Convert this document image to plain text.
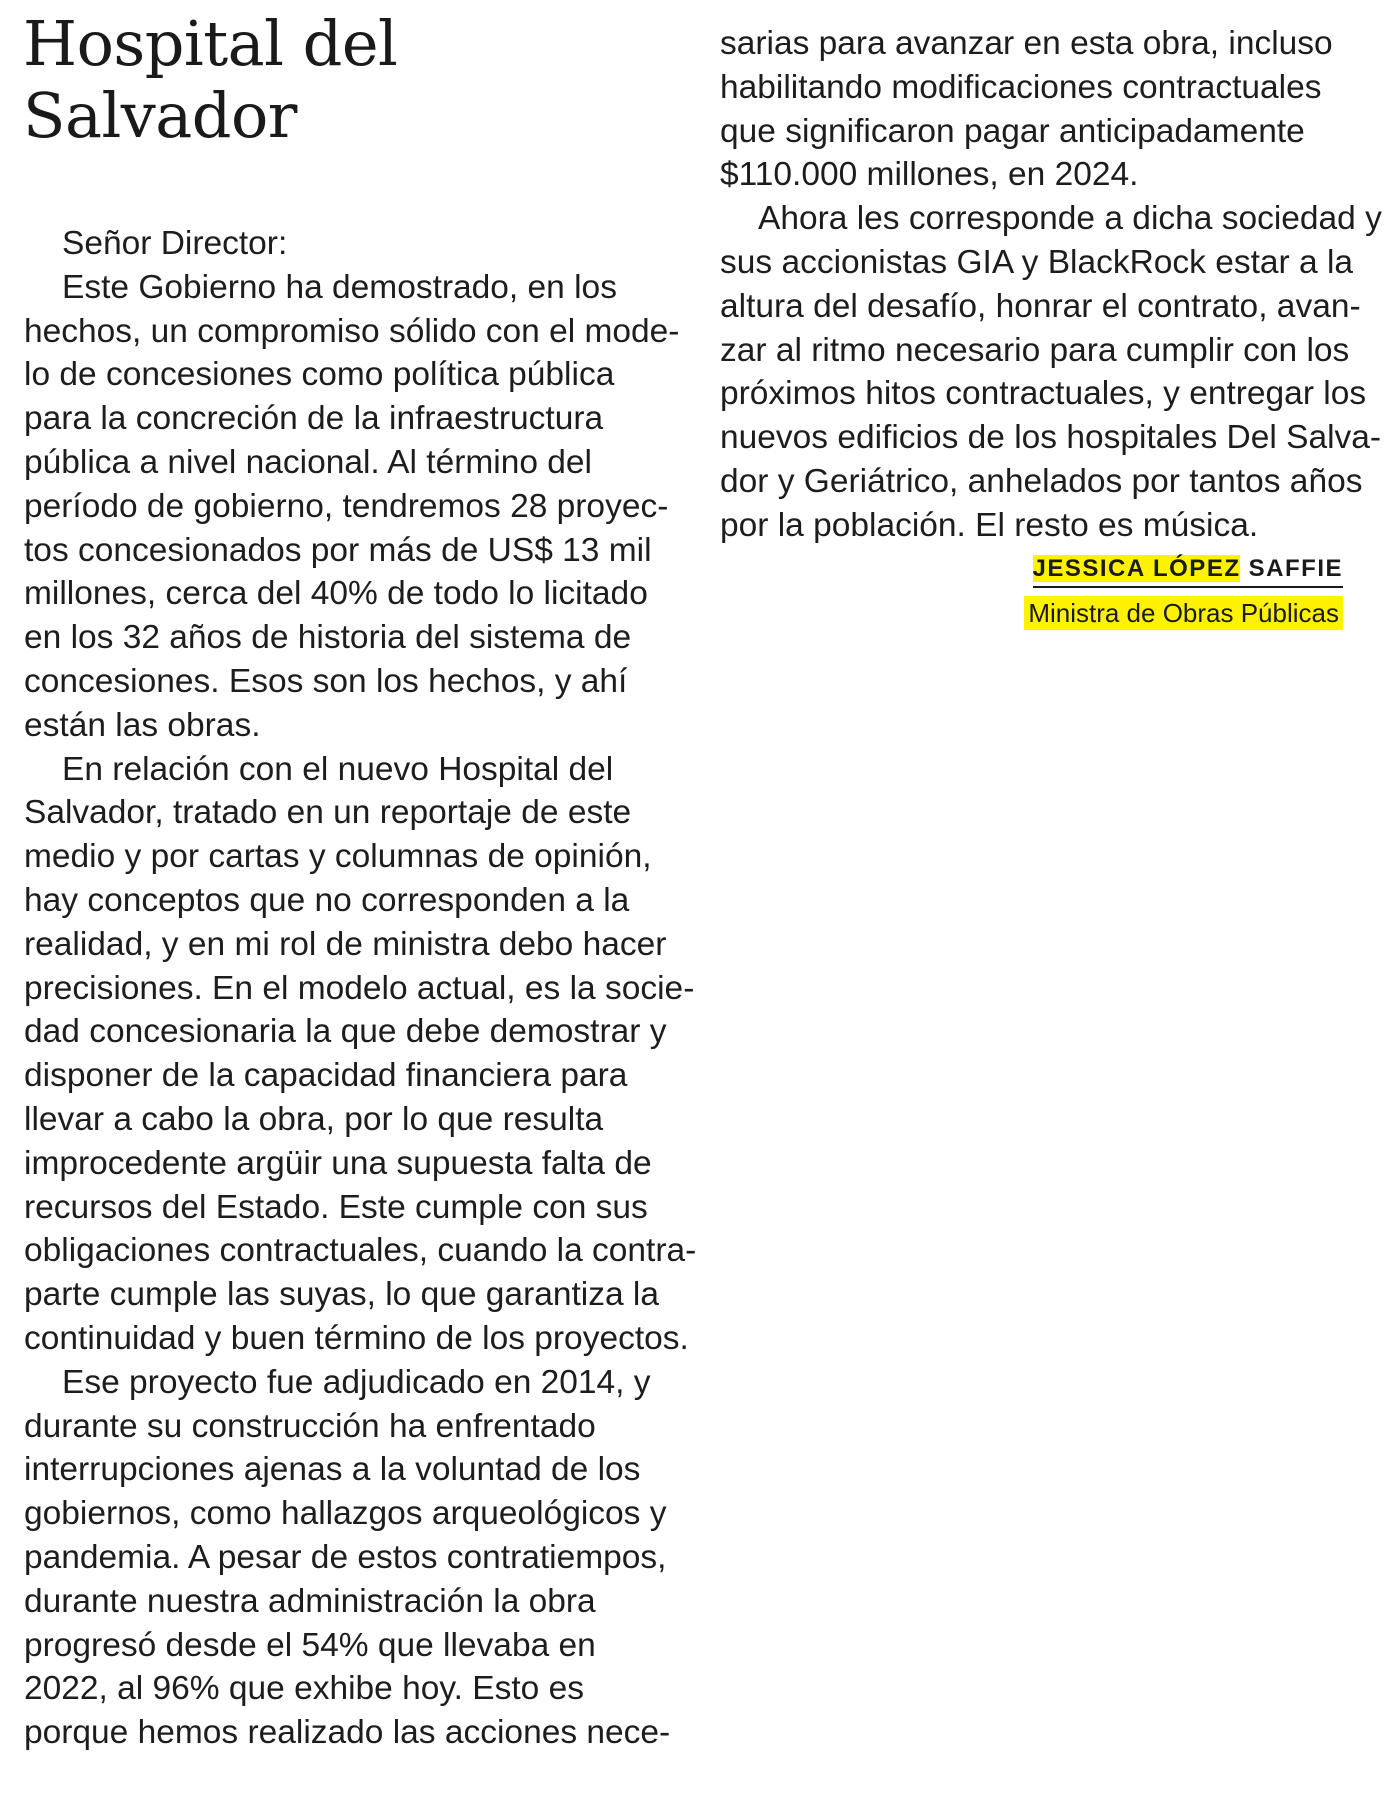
Hospital del
Salvador
Señor Director:
Este Gobierno ha demostrado, en los
hechos, un compromiso sólido con el mode-
lo de concesiones como política pública
para la concreción de la infraestructura
pública a nivel nacional. Al término del
período de gobierno, tendremos 28 proyec-
tos concesionados por más de US$ 13 mil
millones, cerca del 40% de todo lo licitado
en los 32 años de historia del sistema de
concesiones. Esos son los hechos, y ahí
están las obras.
En relación con el nuevo Hospital del
Salvador, tratado en un reportaje de este
medio y por cartas y columnas de opinión,
hay conceptos que no corresponden a la
realidad, y en mi rol de ministra debo hacer
precisiones. En el modelo actual, es la socie-
dad concesionaria la que debe demostrar y
disponer de la capacidad financiera para
llevar a cabo la obra, por lo que resulta
improcedente argüir una supuesta falta de
recursos del Estado. Este cumple con sus
obligaciones contractuales, cuando la contra-
parte cumple las suyas, lo que garantiza la
continuidad y buen término de los proyectos.
Ese proyecto fue adjudicado en 2014, y
durante su construcción ha enfrentado
interrupciones ajenas a la voluntad de los
gobiernos, como hallazgos arqueológicos y
pandemia. A pesar de estos contratiempos,
durante nuestra administración la obra
progresó desde el 54% que llevaba en
2022, al 96% que exhibe hoy. Esto es
porque hemos realizado las acciones nece-
sarias para avanzar en esta obra, incluso
habilitando modificaciones contractuales
que significaron pagar anticipadamente
$110.000 millones, en 2024.
Ahora les corresponde a dicha sociedad y
sus accionistas GIA y BlackRock estar a la
altura del desafío, honrar el contrato, avan-
zar al ritmo necesario para cumplir con los
próximos hitos contractuales, y entregar los
nuevos edificios de los hospitales Del Salva-
dor y Geriátrico, anhelados por tantos años
por la población. El resto es música.
JESSICA LÓPEZ SAFFIE
Ministra de Obras Públicas
